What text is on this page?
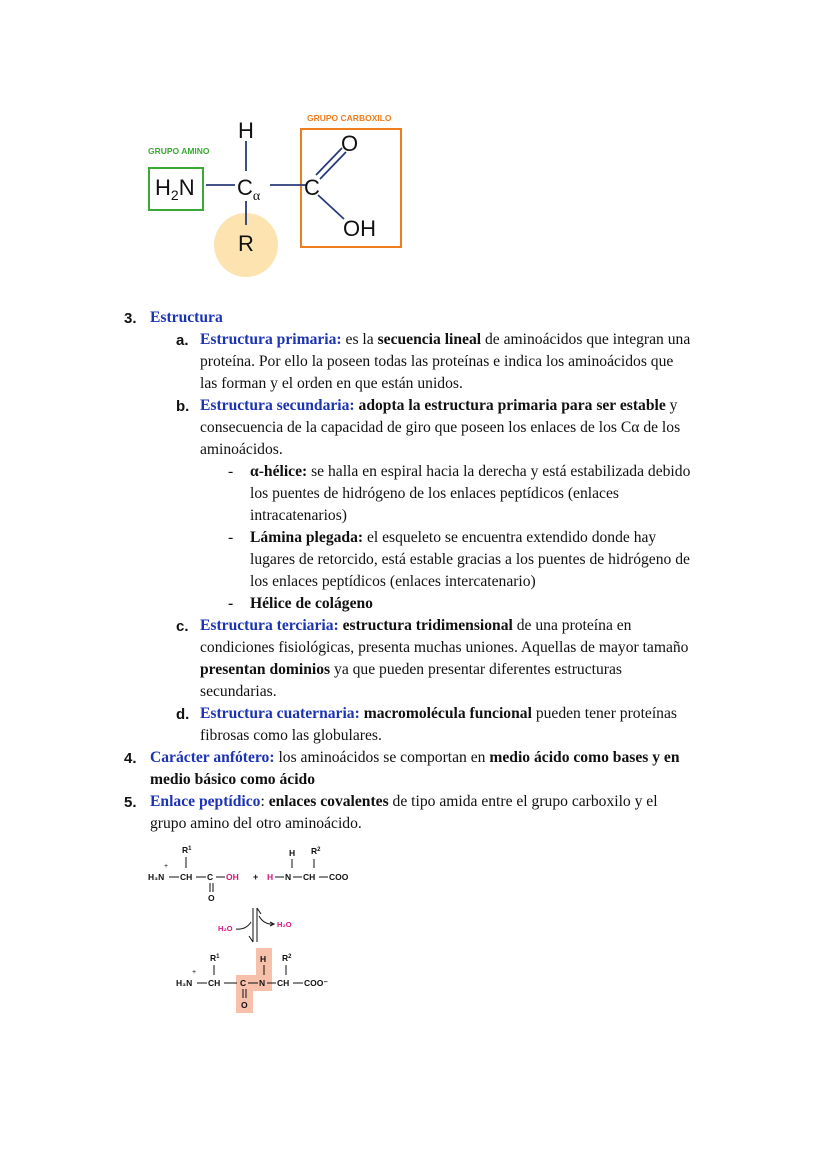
GRUPO AMINO
GRUPO CARBOXILO
H
$H_2N$ $C_\alpha$ C
O
OH
R
3. Estructura
a. Estructura primaria: es la secuencia lineal de aminoácidos que integran una
proteína. Por ello la poseen todas las proteínas e indica los aminoácidos que
las forman y el orden en que están unidos.
b. Estructura secundaria: adopta la estructura primaria para ser estable y
consecuencia de la capacidad de giro que poseen los enlaces de los Cα de los
aminoácidos.
- α-hélice: se halla en espiral hacia la derecha y está estabilizada debido
los puentes de hidrógeno de los enlaces peptídicos (enlaces
intracatenarios)
- Lámina plegada: el esqueleto se encuentra extendido donde hay
lugares de retorcido, está estable gracias a los puentes de hidrógeno de
los enlaces peptídicos (enlaces intercatenario)
- Hélice de colágeno
c. Estructura terciaria: estructura tridimensional de una proteína en
condiciones fisiológicas, presenta muchas uniones. Aquellas de mayor tamaño
presentan dominios ya que pueden presentar diferentes estructuras
secundarias.
d. Estructura cuaternaria: macromolécula funcional pueden tener proteínas
fibrosas como las globulares.
4. Carácter anfótero: los aminoácidos se comportan en medio ácido como bases y en
medio básico como ácido
5. Enlace peptídico: enlaces covalentes de tipo amida entre el grupo carboxilo y el
grupo amino del otro aminoácido.
$R^1$	H $R^2$
+
H₃N CH C OH + H N CH COO
O
H₂O	H₂O
$R^1$	H $R^2$
+
H₃N CH C N CH COO⁻
O
